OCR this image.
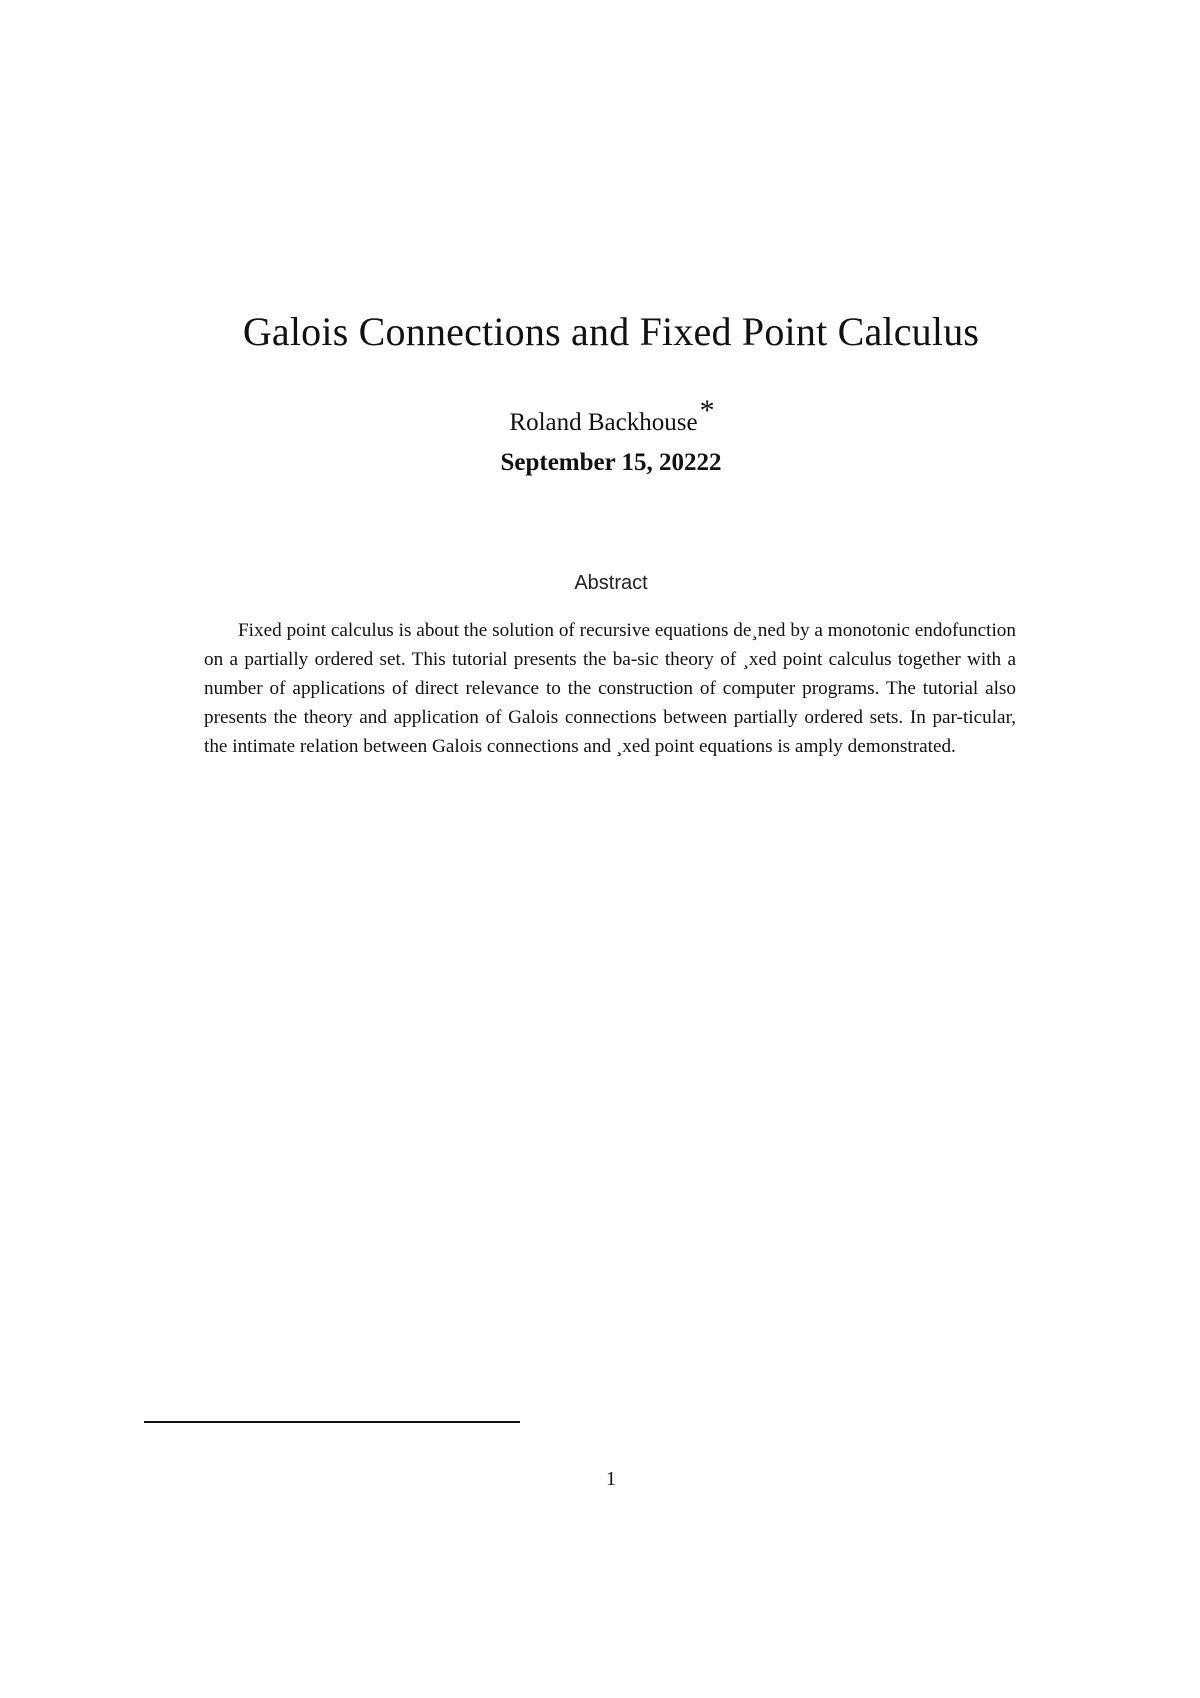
Galois Connections and Fixed Point Calculus
Roland Backhouse*
September 15, 20222
Abstract

Fixed point calculus is about the solution of recursive equations de¸ned by a monotonic endofunction on a partially ordered set. This tutorial presents the ba-sic theory of ¸xed point calculus together with a number of applications of direct relevance to the construction of computer programs. The tutorial also presents the theory and application of Galois connections between partially ordered sets. In par-ticular, the intimate relation between Galois connections and ¸xed point equations is amply demonstrated.

1
